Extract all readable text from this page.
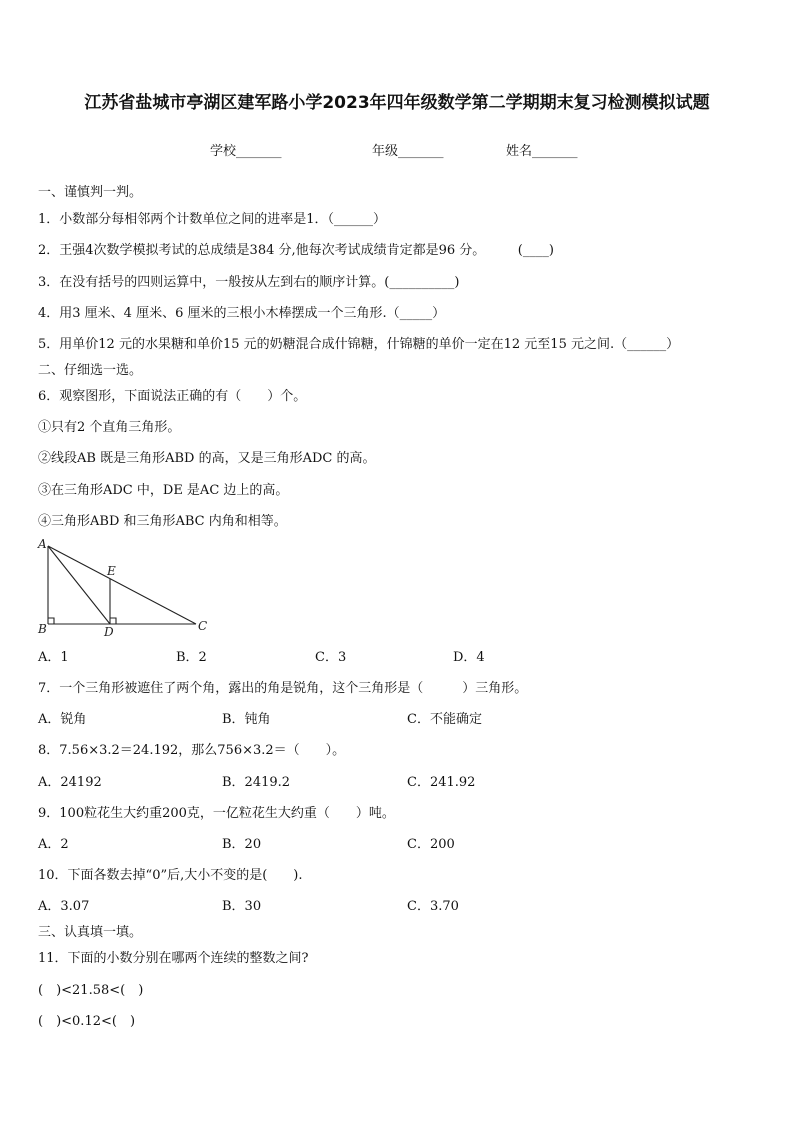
江苏省盐城市亭湖区建军路小学2023年四年级数学第二学期期末复习检测模拟试题
学校_______	年级_______	姓名_______
一、谨慎判一判。
1．小数部分每相邻两个计数单位之间的进率是1．（______）
2．王强4次数学模拟考试的总成绩是384 分,他每次考试成绩肯定都是96 分。　　　(____)
3．在没有括号的四则运算中，一般按从左到右的顺序计算。(__________)
4．用3 厘米、4 厘米、6 厘米的三根小木棒摆成一个三角形.（_____）
5．用单价12 元的水果糖和单价15 元的奶糖混合成什锦糖，什锦糖的单价一定在12 元至15 元之间.（______）
二、仔细选一选。
6．观察图形，下面说法正确的有（　　）个。
①只有2 个直角三角形。
②线段AB 既是三角形ABD 的高，又是三角形ADC 的高。
③在三角形ADC 中，DE 是AC 边上的高。
④三角形ABD 和三角形ABC 内角和相等。
A
B	C
D
E
A．1	B．2	C．3	D．4
7．一个三角形被遮住了两个角，露出的角是锐角，这个三角形是（　　　）三角形。
A．锐角	B．钝角	C．不能确定
8．7.56×3.2＝24.192，那么756×3.2＝（　　）。
A．24192	B．2419.2	C．241.92
9．100粒花生大约重200克，一亿粒花生大约重（　　）吨。
A．2	B．20	C．200
10．下面各数去掉“0”后,大小不变的是(　　).
A．3.07	B．30	C．3.70
三、认真填一填。
11．下面的小数分别在哪两个连续的整数之间?
(　)<21.58<(　)
(　)<0.12<(　)
